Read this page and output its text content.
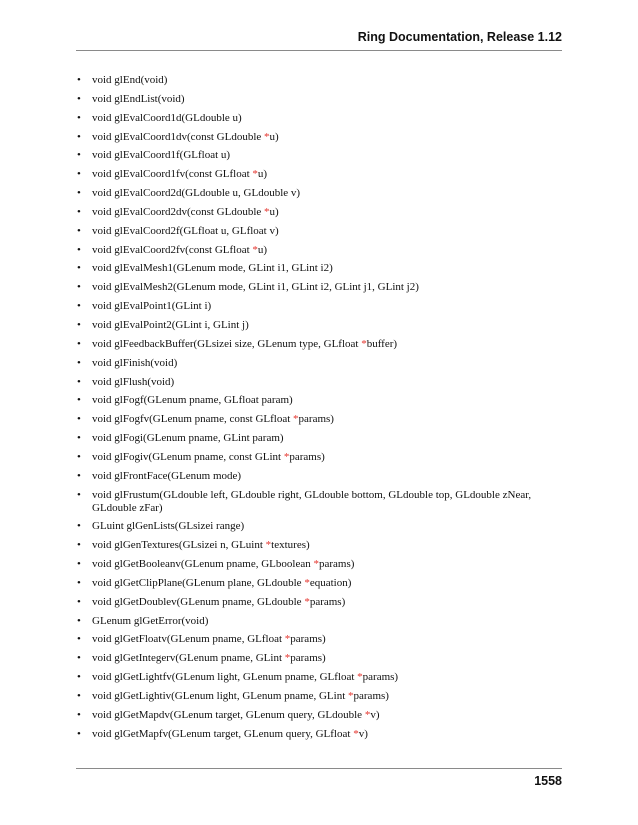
Ring Documentation, Release 1.12
• void glEnd(void)
• void glEndList(void)
• void glEvalCoord1d(GLdouble u)
• void glEvalCoord1dv(const GLdouble *u)
• void glEvalCoord1f(GLfloat u)
• void glEvalCoord1fv(const GLfloat *u)
• void glEvalCoord2d(GLdouble u, GLdouble v)
• void glEvalCoord2dv(const GLdouble *u)
• void glEvalCoord2f(GLfloat u, GLfloat v)
• void glEvalCoord2fv(const GLfloat *u)
• void glEvalMesh1(GLenum mode, GLint i1, GLint i2)
• void glEvalMesh2(GLenum mode, GLint i1, GLint i2, GLint j1, GLint j2)
• void glEvalPoint1(GLint i)
• void glEvalPoint2(GLint i, GLint j)
• void glFeedbackBuffer(GLsizei size, GLenum type, GLfloat *buffer)
• void glFinish(void)
• void glFlush(void)
• void glFogf(GLenum pname, GLfloat param)
• void glFogfv(GLenum pname, const GLfloat *params)
• void glFogi(GLenum pname, GLint param)
• void glFogiv(GLenum pname, const GLint *params)
• void glFrontFace(GLenum mode)
• void glFrustum(GLdouble left, GLdouble right, GLdouble bottom, GLdouble top, GLdouble zNear, GLdouble zFar)
• GLuint glGenLists(GLsizei range)
• void glGenTextures(GLsizei n, GLuint *textures)
• void glGetBooleanv(GLenum pname, GLboolean *params)
• void glGetClipPlane(GLenum plane, GLdouble *equation)
• void glGetDoublev(GLenum pname, GLdouble *params)
• GLenum glGetError(void)
• void glGetFloatv(GLenum pname, GLfloat *params)
• void glGetIntegerv(GLenum pname, GLint *params)
• void glGetLightfv(GLenum light, GLenum pname, GLfloat *params)
• void glGetLightiv(GLenum light, GLenum pname, GLint *params)
• void glGetMapdv(GLenum target, GLenum query, GLdouble *v)
• void glGetMapfv(GLenum target, GLenum query, GLfloat *v)
1558
